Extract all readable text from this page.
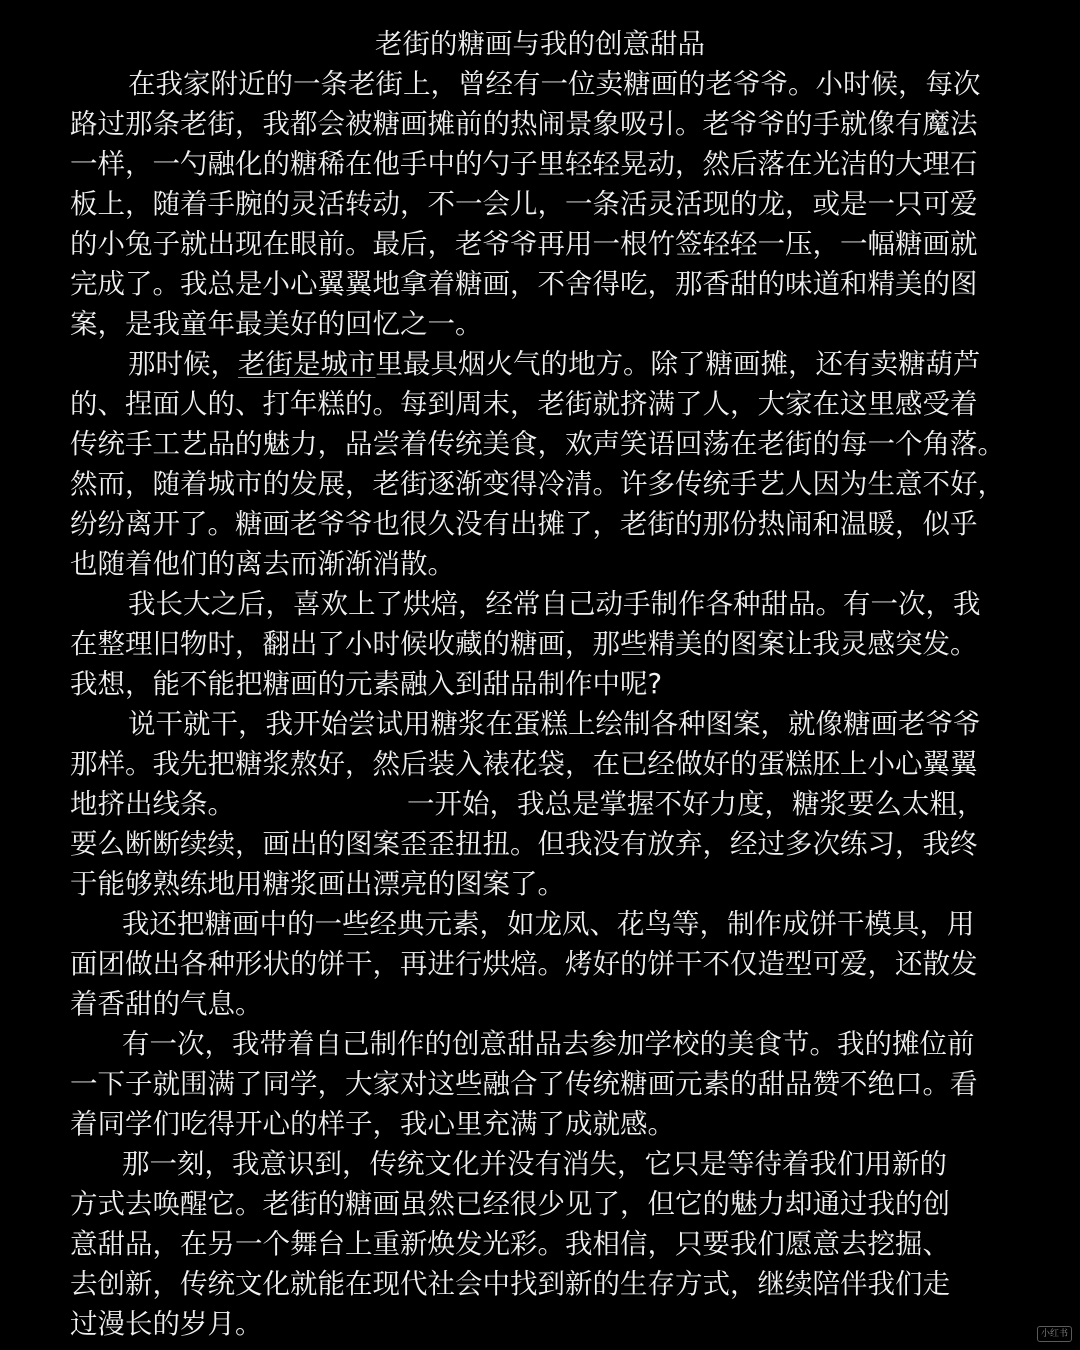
老街的糖画与我的创意甜品
在我家附近的一条老街上，曾经有一位卖糖画的老爷爷。小时候，每次
路过那条老街，我都会被糖画摊前的热闹景象吸引。老爷爷的手就像有魔法
一样，一勺融化的糖稀在他手中的勺子里轻轻晃动，然后落在光洁的大理石
板上，随着手腕的灵活转动，不一会儿，一条活灵活现的龙，或是一只可爱
的小兔子就出现在眼前。最后，老爷爷再用一根竹签轻轻一压，一幅糖画就
完成了。我总是小心翼翼地拿着糖画，不舍得吃，那香甜的味道和精美的图
案，是我童年最美好的回忆之一。
那时候，老街是城市里最具烟火气的地方。除了糖画摊，还有卖糖葫芦
的、捏面人的、打年糕的。每到周末，老街就挤满了人，大家在这里感受着
传统手工艺品的魅力，品尝着传统美食，欢声笑语回荡在老街的每一个角落。
然而，随着城市的发展，老街逐渐变得冷清。许多传统手艺人因为生意不好，
纷纷离开了。糖画老爷爷也很久没有出摊了，老街的那份热闹和温暖，似乎
也随着他们的离去而渐渐消散。
我长大之后，喜欢上了烘焙，经常自己动手制作各种甜品。有一次，我
在整理旧物时，翻出了小时候收藏的糖画，那些精美的图案让我灵感突发。
我想，能不能把糖画的元素融入到甜品制作中呢?
说干就干，我开始尝试用糖浆在蛋糕上绘制各种图案，就像糖画老爷爷
那样。我先把糖浆熬好，然后装入裱花袋，在已经做好的蛋糕胚上小心翼翼
地挤出线条。	一开始，我总是掌握不好力度，糖浆要么太粗，
要么断断续续，画出的图案歪歪扭扭。但我没有放弃，经过多次练习，我终
于能够熟练地用糖浆画出漂亮的图案了。
我还把糖画中的一些经典元素，如龙凤、花鸟等，制作成饼干模具，用
面团做出各种形状的饼干，再进行烘焙。烤好的饼干不仅造型可爱，还散发
着香甜的气息。
有一次，我带着自己制作的创意甜品去参加学校的美食节。我的摊位前
一下子就围满了同学，大家对这些融合了传统糖画元素的甜品赞不绝口。看
着同学们吃得开心的样子，我心里充满了成就感。
那一刻，我意识到，传统文化并没有消失，它只是等待着我们用新的
方式去唤醒它。老街的糖画虽然已经很少见了，但它的魅力却通过我的创
意甜品，在另一个舞台上重新焕发光彩。我相信，只要我们愿意去挖掘、
去创新，传统文化就能在现代社会中找到新的生存方式，继续陪伴我们走
过漫长的岁月。	小红书
